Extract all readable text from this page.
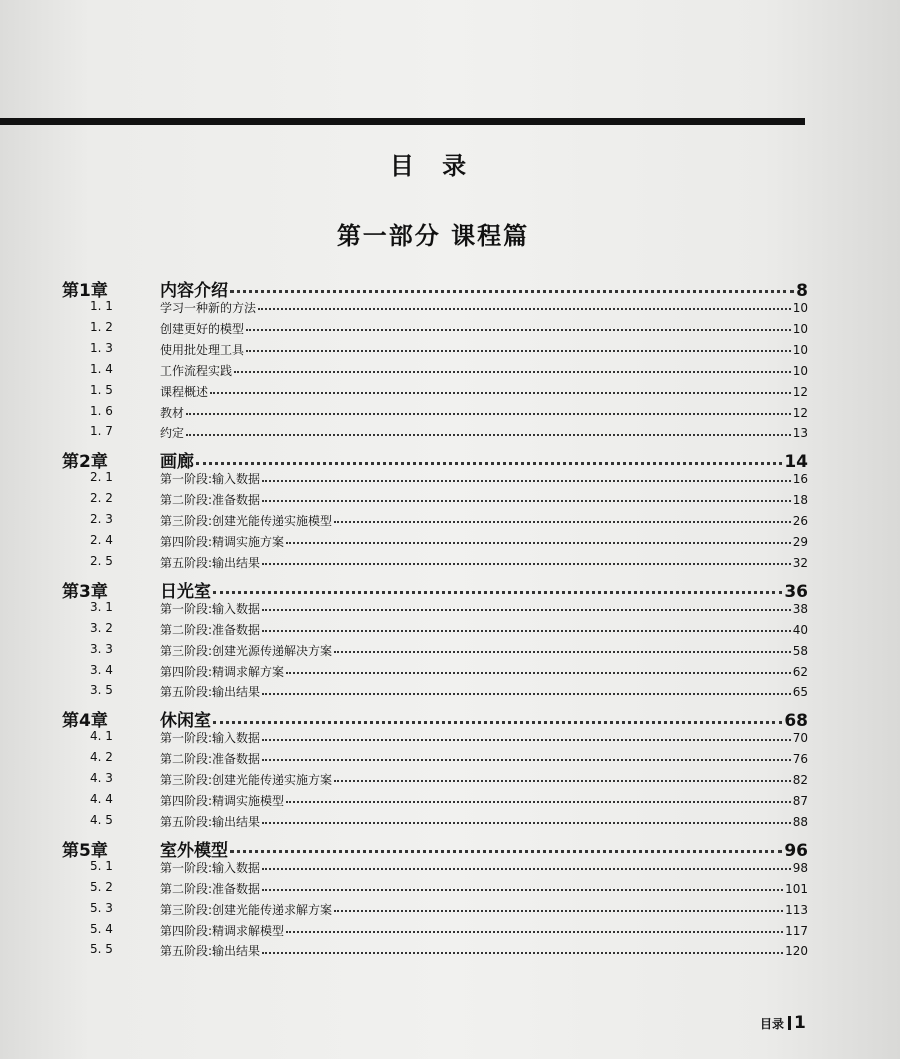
目 录
第一部分 课程篇
第1章	内容介绍	8
1. 1	学习一种新的方法	10
1. 2	创建更好的模型	10
1. 3	使用批处理工具	10
1. 4	工作流程实践	10
1. 5	课程概述	12
1. 6	教材	12
1. 7	约定	13
第2章	画廊	14
2. 1	第一阶段:输入数据	16
2. 2	第二阶段:准备数据	18
2. 3	第三阶段:创建光能传递实施模型	26
2. 4	第四阶段:精调实施方案	29
2. 5	第五阶段:输出结果	32
第3章	日光室	36
3. 1	第一阶段:输入数据	38
3. 2	第二阶段:准备数据	40
3. 3	第三阶段:创建光源传递解决方案	58
3. 4	第四阶段:精调求解方案	62
3. 5	第五阶段:输出结果	65
第4章	休闲室	68
4. 1	第一阶段:输入数据	70
4. 2	第二阶段:准备数据	76
4. 3	第三阶段:创建光能传递实施方案	82
4. 4	第四阶段:精调实施模型	87
4. 5	第五阶段:输出结果	88
第5章	室外模型	96
5. 1	第一阶段:输入数据	98
5. 2	第二阶段:准备数据	101
5. 3	第三阶段:创建光能传递求解方案	113
5. 4	第四阶段:精调求解模型	117
5. 5	第五阶段:输出结果	120
目录 1
